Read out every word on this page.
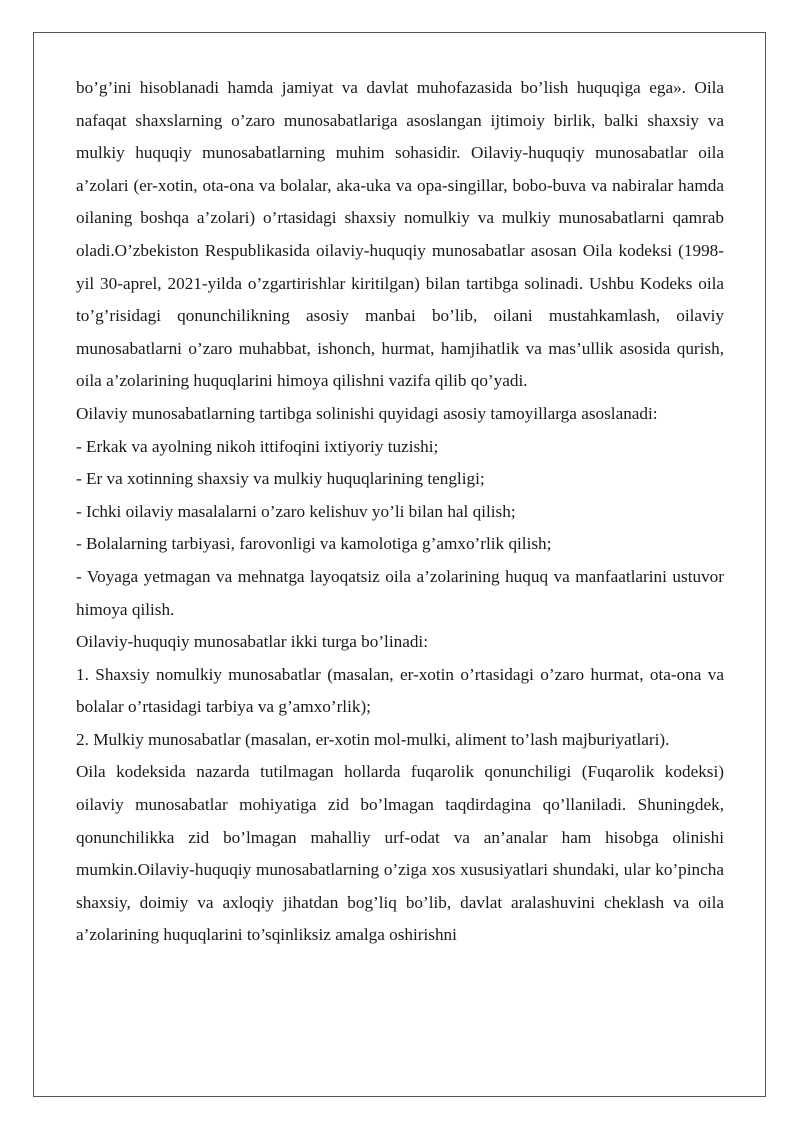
bo’g’ini hisoblanadi hamda jamiyat va davlat muhofazasida bo’lish huquqiga ega». Oila nafaqat shaxslarning o’zaro munosabatlariga asoslangan ijtimoiy birlik, balki shaxsiy va mulkiy huquqiy munosabatlarning muhim sohasidir. Oilaviy-huquqiy munosabatlar oila a’zolari (er-xotin, ota-ona va bolalar, aka-uka va opa-singillar, bobo-buva va nabiralar hamda oilaning boshqa a’zolari) o’rtasidagi shaxsiy nomulkiy va mulkiy munosabatlarni qamrab oladi.O’zbekiston Respublikasida oilaviy-huquqiy munosabatlar asosan Oila kodeksi (1998-yil 30-aprel, 2021-yilda o’zgartirishlar kiritilgan) bilan tartibga solinadi. Ushbu Kodeks oila to’g’risidagi qonunchilikning asosiy manbai bo’lib, oilani mustahkamlash, oilaviy munosabatlarni o’zaro muhabbat, ishonch, hurmat, hamjihatlik va mas’ullik asosida qurish, oila a’zolarining huquqlarini himoya qilishni vazifa qilib qo’yadi.

Oilaviy munosabatlarning tartibga solinishi quyidagi asosiy tamoyillarga asoslanadi:

- Erkak va ayolning nikoh ittifoqini ixtiyoriy tuzishi;

- Er va xotinning shaxsiy va mulkiy huquqlarining tengligi;

- Ichki oilaviy masalalarni o’zaro kelishuv yo’li bilan hal qilish;

- Bolalarning tarbiyasi, farovonligi va kamolotiga g’amxo’rlik qilish;

- Voyaga yetmagan va mehnatga layoqatsiz oila a’zolarining huquq va manfaatlarini ustuvor himoya qilish.

Oilaviy-huquqiy munosabatlar ikki turga bo’linadi:

1. Shaxsiy nomulkiy munosabatlar (masalan, er-xotin o’rtasidagi o’zaro hurmat, ota-ona va bolalar o’rtasidagi tarbiya va g’amxo’rlik);

2. Mulkiy munosabatlar (masalan, er-xotin mol-mulki, aliment to’lash majburiyatlari).

Oila kodeksida nazarda tutilmagan hollarda fuqarolik qonunchiligi (Fuqarolik kodeksi) oilaviy munosabatlar mohiyatiga zid bo’lmagan taqdirdagina qo’llaniladi. Shuningdek, qonunchilikka zid bo’lmagan mahalliy urf-odat va an’analar ham hisobga olinishi mumkin.Oilaviy-huquqiy munosabatlarning o’ziga xos xususiyatlari shundaki, ular ko’pincha shaxsiy, doimiy va axloqiy jihatdan bog’liq bo’lib, davlat aralashuvini cheklash va oila a’zolarining huquqlarini to’sqinliksiz amalga oshirishni
